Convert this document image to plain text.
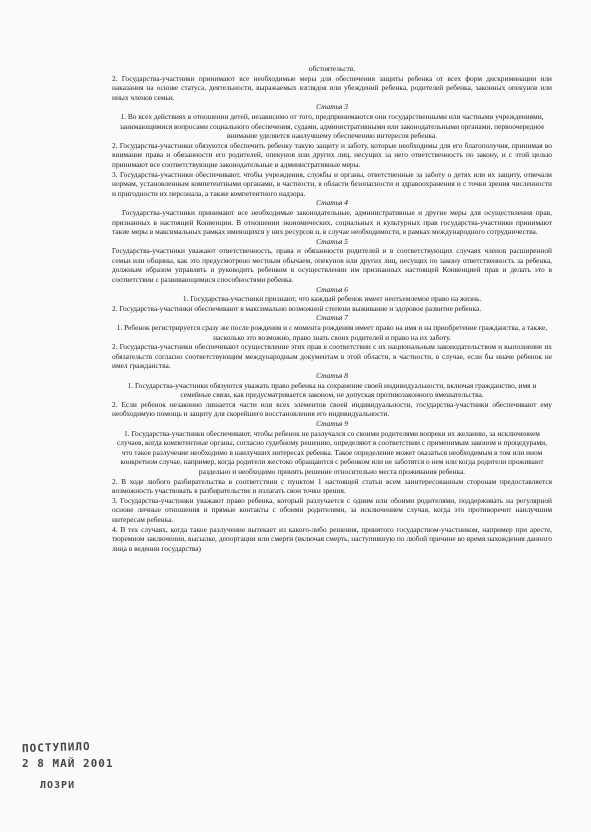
обстоятельств.

2. Государства-участники принимают все необходимые меры для обеспечения защиты ребенка от всех форм дискриминации или наказания на основе статуса, деятельности, выражаемых взглядов или убеждений ребенка, родителей ребенка, законных опекунов или иных членов семьи.

Статья 3

1. Во всех действиях в отношении детей, независимо от того, предпринимаются они государственными или частными учреждениями, занимающимися вопросами социального обеспечения, судами, административными или законодательными органами, первоочередное внимание уделяется наилучшему обеспечению интересов ребенка.

2. Государства-участники обязуются обеспечить ребенку такую защиту и заботу, которые необходимы для его благополучия, принимая во внимание права и обязанности его родителей, опекунов или других лиц, несущих за него ответственность по закону, и с этой целью принимают все соответствующие законодательные и административные меры.

3. Государства-участники обеспечивают, чтобы учреждения, службы и органы, ответственные за заботу о детях или их защиту, отвечали нормам, установленным компетентными органами, в частности, в области безопасности и здравоохранения и с точки зрения численности и пригодности их персонала, а также компетентного надзора.

Статья 4

Государства-участники принимают все необходимые законодательные, административные и другие меры для осуществления прав, признанных в настоящей Конвенции. В отношении экономических, социальных и культурных прав государства-участники принимают такие меры в максимальных рамках имеющихся у них ресурсов и, в случае необходимости, в рамках международного сотрудничества.

Статья 5

Государства-участники уважают ответственность, права и обязанности родителей и в соответствующих случаях членов расширенной семьи или общины, как это предусмотрено местным обычаем, опекунов или других лиц, несущих по закону ответственность за ребенка, должным образом управлять и руководить ребенком в осуществлении им признанных настоящей Конвенцией прав и делать это в соответствии с развивающимися способностями ребенка.

Статья 6

1. Государства-участники признают, что каждый ребенок имеет неотъемлемое право на жизнь.

2. Государства-участники обеспечивают в максимально возможной степени выживание и здоровое развитие ребенка.

Статья 7

1. Ребенок регистрируется сразу же после рождения и с момента рождения имеет право на имя и на приобретение гражданства, а также, насколько это возможно, право знать своих родителей и право на их заботу.

2. Государства-участники обеспечивают осуществление этих прав в соответствии с их национальным законодательством и выполнение их обязательств согласно соответствующим международным документам в этой области, в частности, в случае, если бы иначе ребенок не имел гражданства.

Статья 8

1. Государства-участники обязуются уважать право ребенка на сохранение своей индивидуальности, включая гражданство, имя и семейные связи, как предусматривается законом, не допуская противозаконного вмешательства.

2. Если ребенок незаконно лишается части или всех элементов своей индивидуальности, государства-участники обеспечивают ему необходимую помощь и защиту для скорейшего восстановления его индивидуальности.

Статья 9

1. Государства-участники обеспечивают, чтобы ребенок не разлучался со своими родителями вопреки их желанию, за исключением случаев, когда компетентные органы, согласно судебному решению, определяют в соответствии с применимым законом и процедурами, что такое разлучение необходимо в наилучших интересах ребенка. Такое определение может оказаться необходимым в том или ином конкретном случае, например, когда родители жестоко обращаются с ребенком или не заботятся о нем или когда родители проживают раздельно и необходимо принять решение относительно места проживания ребенка.

2. В ходе любого разбирательства в соответствии с пунктом 1 настоящей статьи всем заинтересованным сторонам предоставляется возможность участвовать в разбирательстве и излагать свои точки зрения.

3. Государства-участники уважают право ребенка, который разлучается с одним или обоими родителями, поддерживать на регулярной основе личные отношения и прямые контакты с обоими родителями, за исключением случая, когда это противоречит наилучшим интересам ребенка.

4. В тех случаях, когда такое разлучение вытекает из какого-либо решения, принятого государством-участником, например при аресте, тюремном заключении, высылке, депортации или смерти (включая смерть, наступившую по любой причине во время нахождения данного лица в ведении государства)

ПОСТУПИЛО
2 8 МАЙ 2001
ЛОЗРИ
